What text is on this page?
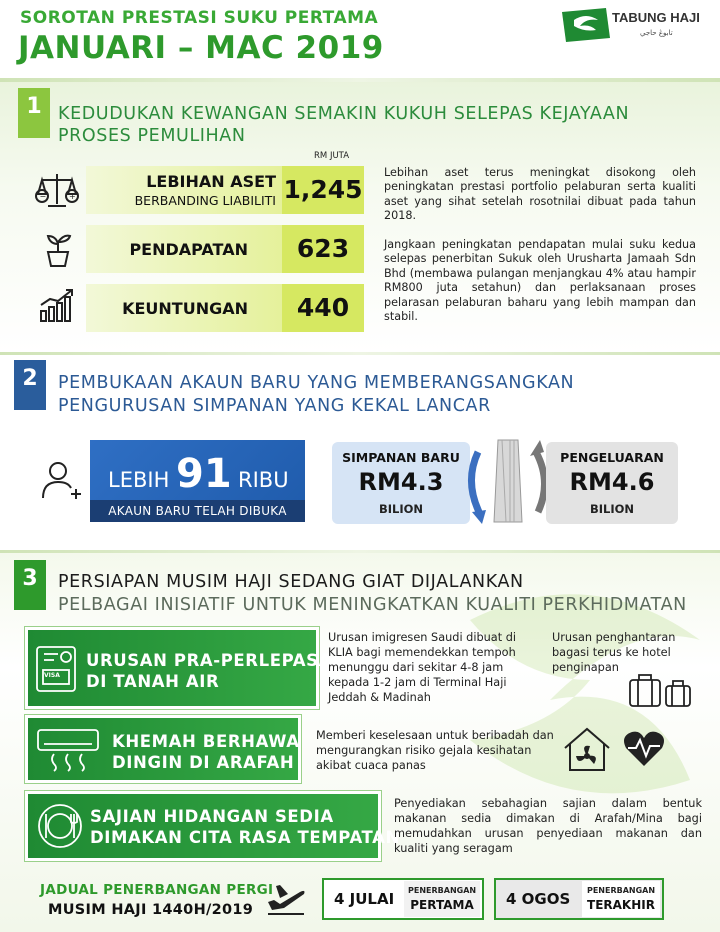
SOROTAN PRESTASI SUKU PERTAMA
JANUARI – MAC 2019
TABUNG HAJI
تابوڠ حاجي
1 KEDUDUKAN KEWANGAN SEMAKIN KUKUH SELEPAS KEJAYAAN
PROSES PEMULIHAN
RM JUTA
−	+
LEBIHAN ASET
BERBANDING LIABILITI 1,245
PENDAPATAN	623
KEUNTUNGAN	440
Lebihan aset terus meningkat disokong oleh peningkatan prestasi portfolio pelaburan serta kualiti aset yang sihat setelah rosotnilai dibuat pada tahun 2018.
Jangkaan peningkatan pendapatan mulai suku kedua selepas penerbitan Sukuk oleh Urusharta Jamaah Sdn Bhd (membawa pulangan menjangkau 4% atau hampir RM800 juta setahun) dan perlaksanaan proses pelarasan pelaburan baharu yang lebih mampan dan stabil.
2	PEMBUKAAN AKAUN BARU YANG MEMBERANGSANGKAN
PENGURUSAN SIMPANAN YANG KEKAL LANCAR
LEBIH 91 RIBU
AKAUN BARU TELAH DIBUKA
SIMPANAN BARU
RM4.3
BILION
PENGELUARAN
RM4.6
BILION
3	PERSIAPAN MUSIM HAJI SEDANG GIAT DIJALANKAN
PELBAGAI INISIATIF UNTUK MENINGKATKAN KUALITI PERKHIDMATAN
VISA
URUSAN PRA-PERLEPASAN
DI TANAH AIR
Urusan imigresen Saudi dibuat di KLIA bagi memendekkan tempoh menunggu dari sekitar 4-8 jam kepada 1-2 jam di Terminal Haji Jeddah & Madinah
Urusan penghantaran bagasi terus ke hotel penginapan
KHEMAH BERHAWA
DINGIN DI ARAFAH
Memberi keselesaan untuk beribadah dan mengurangkan risiko gejala kesihatan akibat cuaca panas
SAJIAN HIDANGAN SEDIA
DIMAKAN CITA RASA TEMPATAN
Penyediakan sebahagian sajian dalam bentuk makanan sedia dimakan di Arafah/Mina bagi memudahkan urusan penyediaan makanan dan kualiti yang seragam
JADUAL PENERBANGAN PERGI
MUSIM HAJI 1440H/2019
4 JULAI PENERBANGAN
PERTAMA 4 OGOS	PENERBANGAN
TERAKHIR
